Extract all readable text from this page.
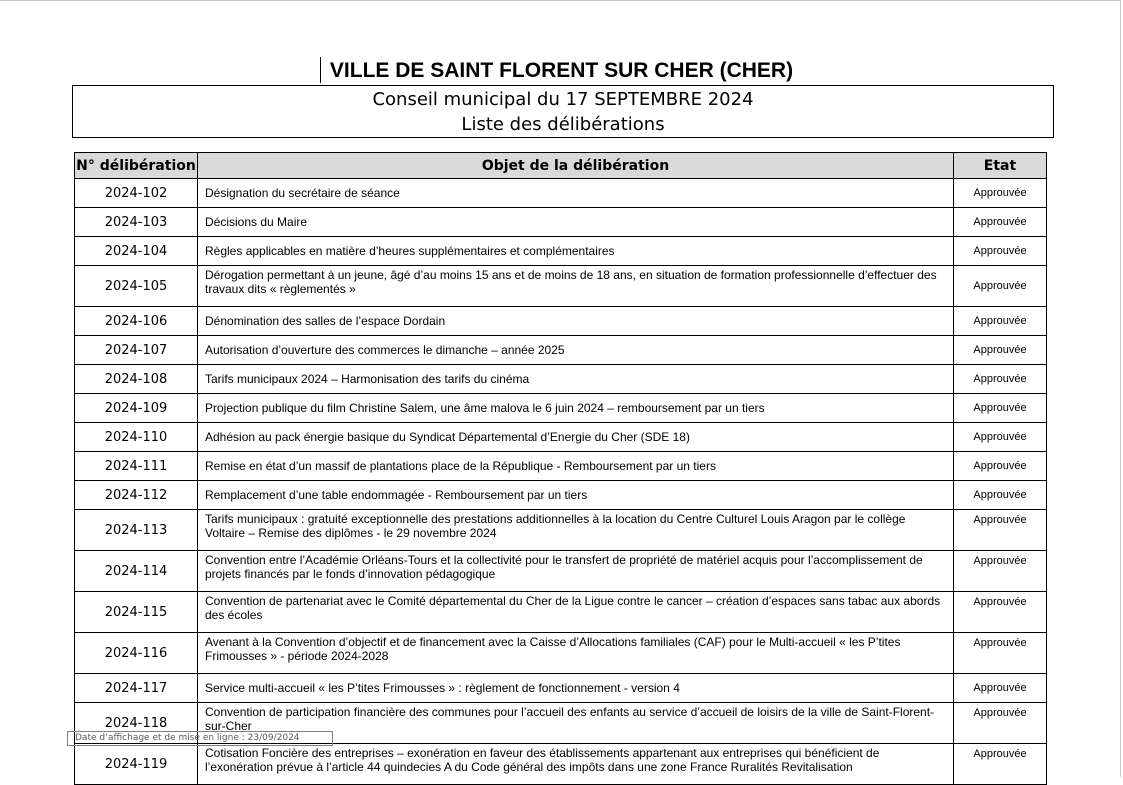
VILLE DE SAINT FLORENT SUR CHER (CHER)
Conseil municipal du 17 SEPTEMBRE 2024
Liste des délibérations
N° délibération	Objet de la délibération	Etat
2024-102	Désignation du secrétaire de séance	Approuvée
2024-103	Décisions du Maire	Approuvée
2024-104	Règles applicables en matière d’heures supplémentaires et complémentaires	Approuvée
2024-105	Dérogation permettant à un jeune, âgé d’au moins 15 ans et de moins de 18 ans, en situation de formation professionnelle d’effectuer des travaux dits « règlementés »	Approuvée
2024-106	Dénomination des salles de l’espace Dordain	Approuvée
2024-107	Autorisation d’ouverture des commerces le dimanche – année 2025	Approuvée
2024-108	Tarifs municipaux 2024 – Harmonisation des tarifs du cinéma	Approuvée
2024-109	Projection publique du film Christine Salem, une âme malova le 6 juin 2024 – remboursement par un tiers	Approuvée
2024-110	Adhésion au pack énergie basique du Syndicat Départemental d’Energie du Cher (SDE 18)	Approuvée
2024-111	Remise en état d’un massif de plantations place de la République - Remboursement par un tiers	Approuvée
2024-112	Remplacement d’une table endommagée - Remboursement par un tiers	Approuvée
2024-113	Tarifs municipaux : gratuité exceptionnelle des prestations additionnelles à la location du Centre Culturel Louis Aragon par le collège Voltaire – Remise des diplômes - le 29 novembre 2024	Approuvée
2024-114	Convention entre l’Académie Orléans-Tours et la collectivité pour le transfert de propriété de matériel acquis pour l’accomplissement de projets financés par le fonds d’innovation pédagogique	Approuvée
2024-115	Convention de partenariat avec le Comité départemental du Cher de la Ligue contre le cancer – création d’espaces sans tabac aux abords des écoles	Approuvée
2024-116	Avenant à la Convention d’objectif et de financement avec la Caisse d’Allocations familiales (CAF) pour le Multi-accueil « les P’tites Frimousses » - période 2024-2028	Approuvée
2024-117	Service multi-accueil « les P’tites Frimousses » : règlement de fonctionnement - version 4	Approuvée
2024-118	Convention de participation financière des communes pour l’accueil des enfants au service d’accueil de loisirs de la ville de Saint-Florent-sur-Cher	Approuvée
2024-119	Cotisation Foncière des entreprises – exonération en faveur des établissements appartenant aux entreprises qui bénéficient de l’exonération prévue à l’article 44 quindecies A du Code général des impôts dans une zone France Ruralités Revitalisation	Approuvée
Date d’affichage et de mise en ligne : 23/09/2024
